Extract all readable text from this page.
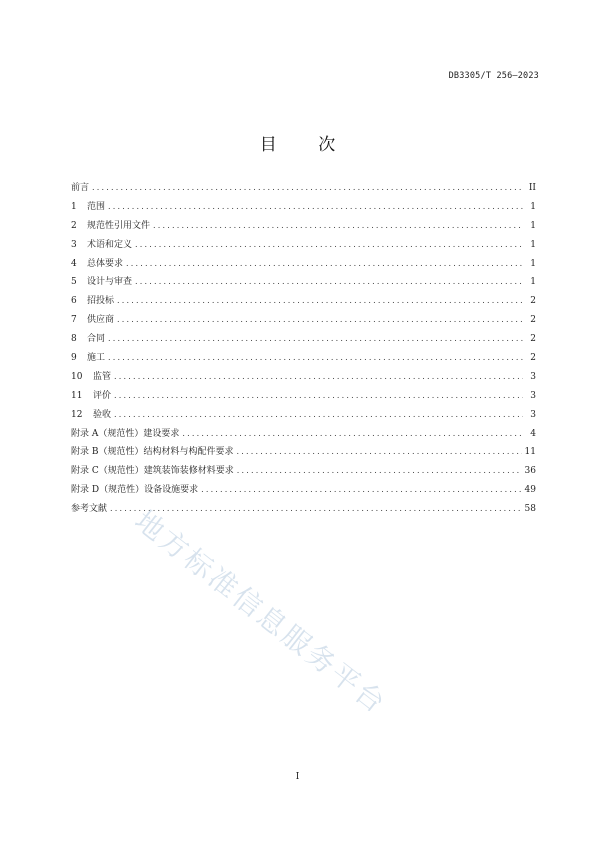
DB3305/T 256—2023
目 次
前言 .....	II
1	范围 .....	1
2	规范性引用文件 .....	1
3	术语和定义 .....	1
4	总体要求 .....	1
5	设计与审查 .....	1
6	招投标 .....	2
7	供应商 .....	2
8	合同 .....	2
9	施工 .....	2
10	监管 .....	3
11	评价 .....	3
12	验收 .....	3
附录 A（规范性）建设要求 .....	4
附录 B（规范性）结构材料与构配件要求 .....	11
附录 C（规范性）建筑装饰装修材料要求 .....	36
附录 D（规范性）设备设施要求 .....	49
参考文献 .....	58
地方标准信息服务平台
I
